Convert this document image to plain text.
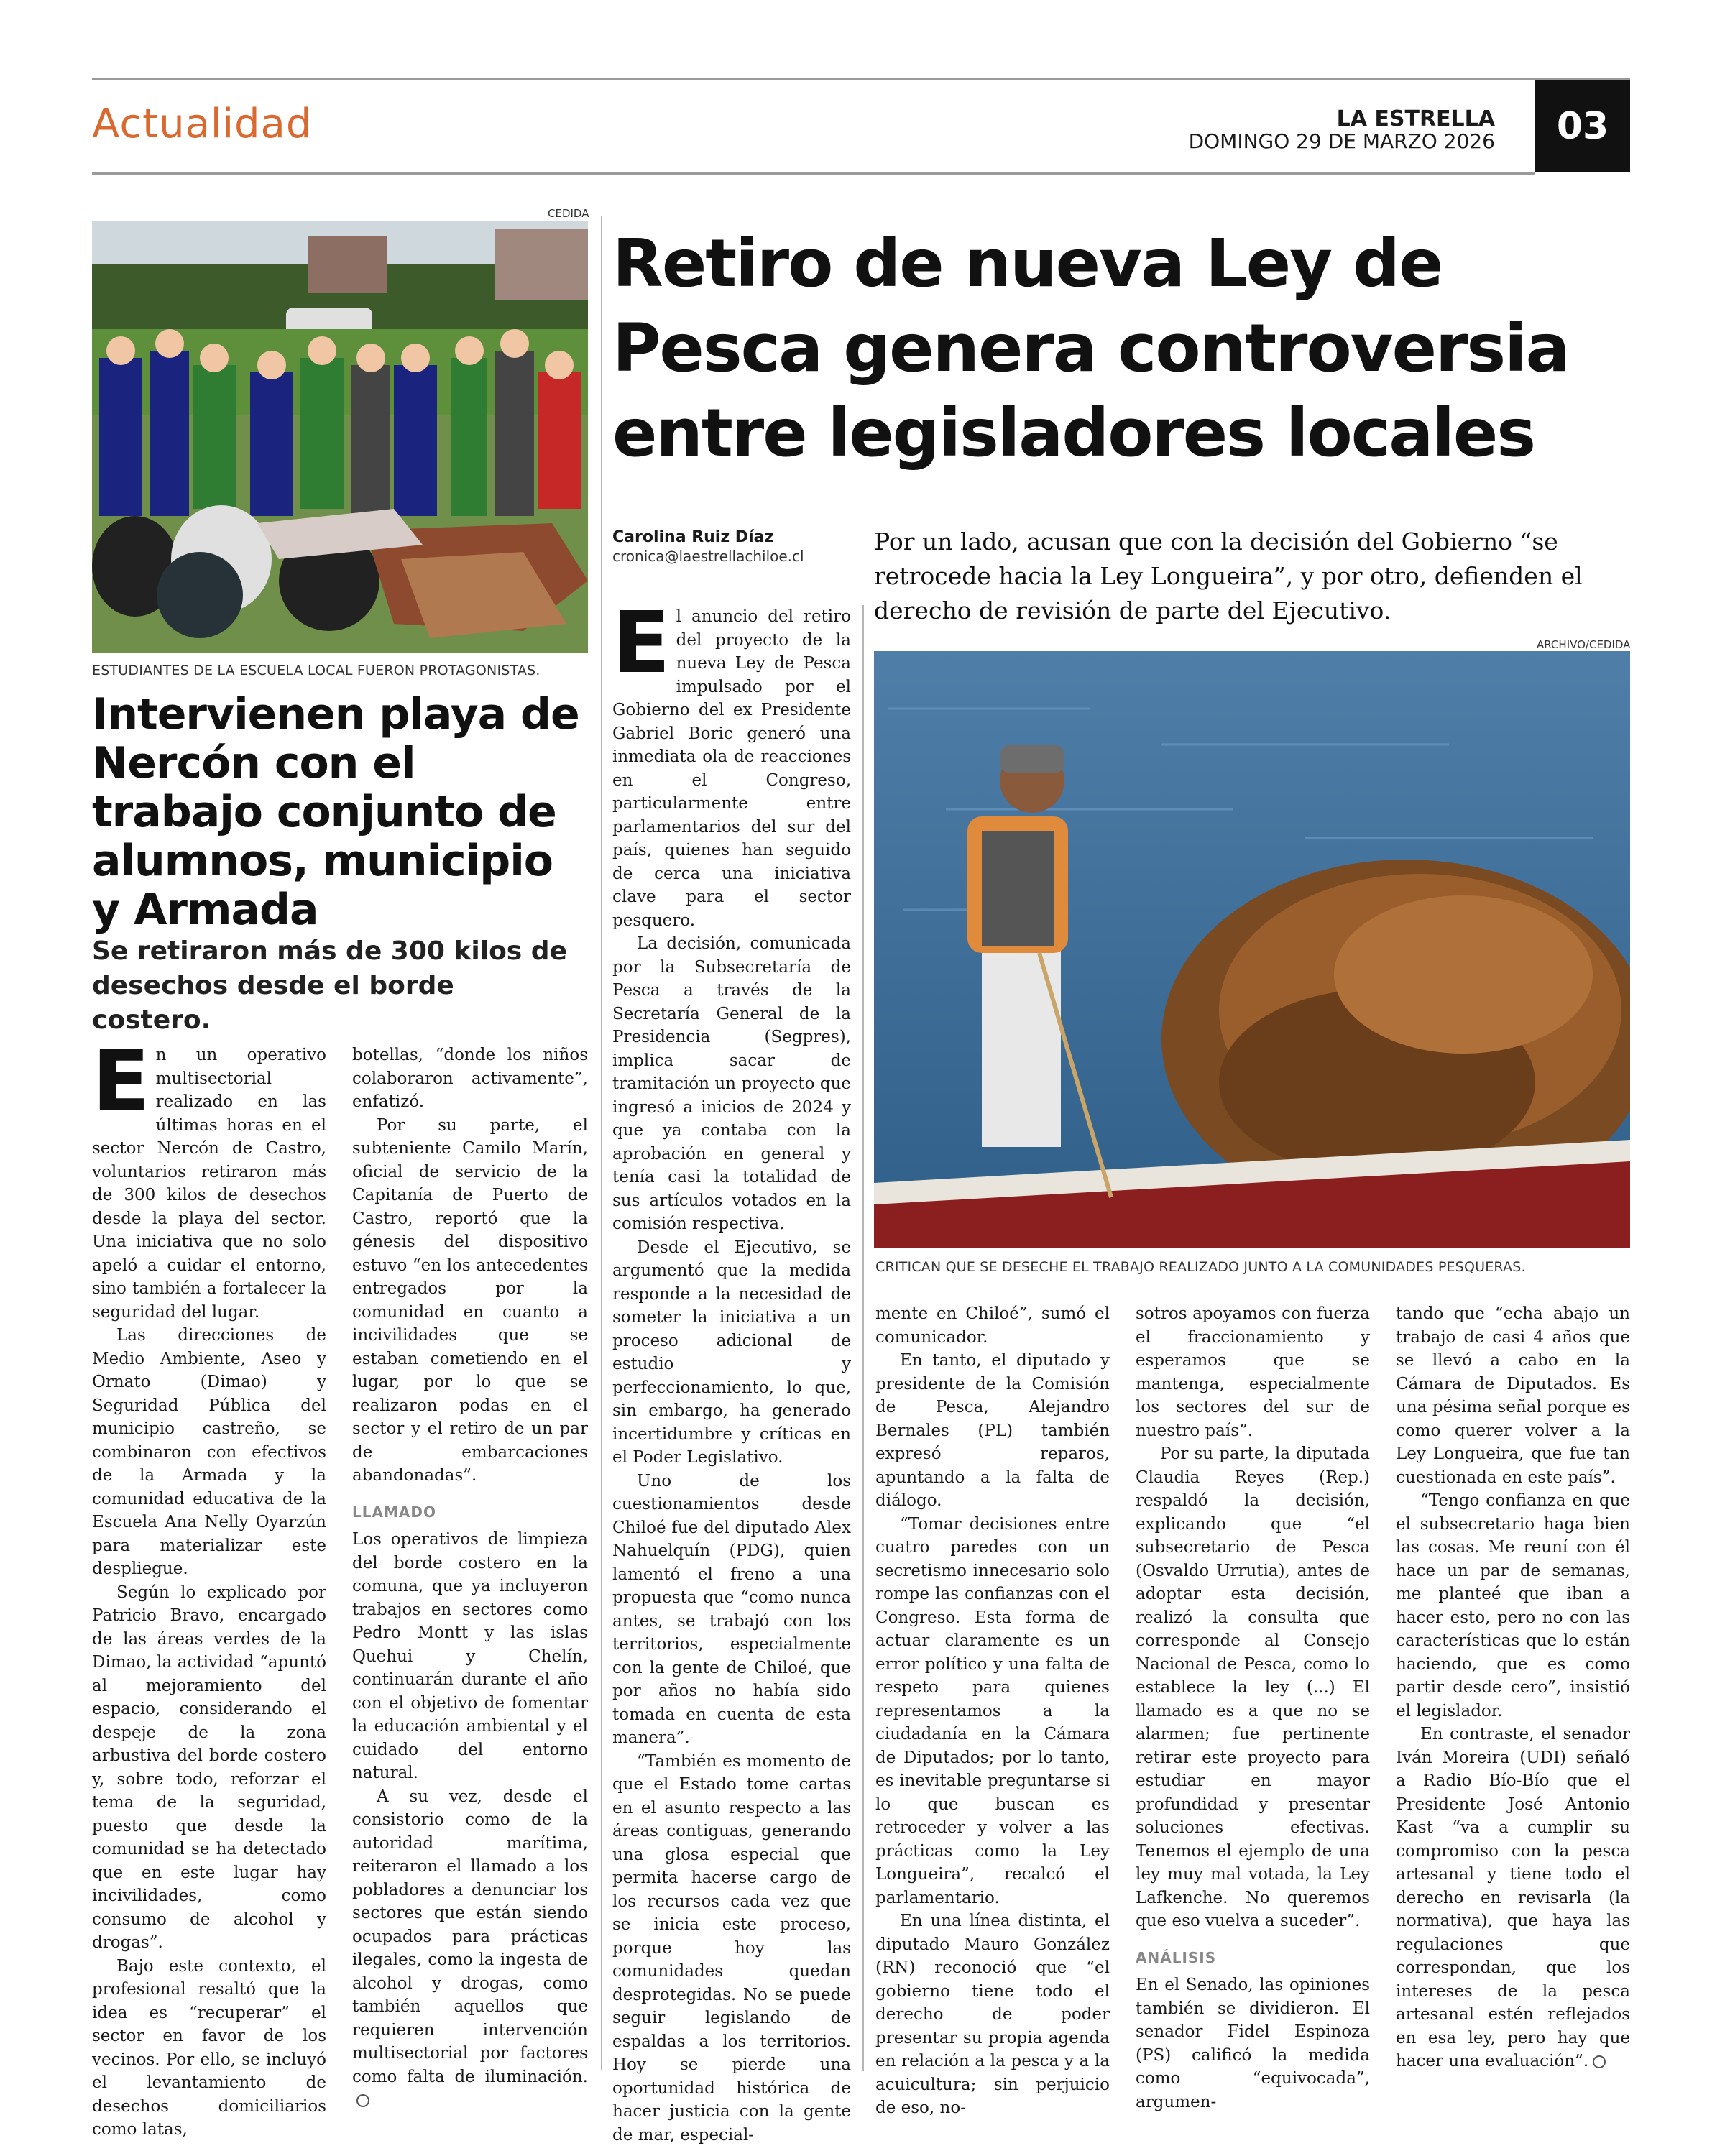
Actualidad	LA ESTRELLA
DOMINGO 29 DE MARZO 2026	03
CEDIDA
ESTUDIANTES DE LA ESCUELA LOCAL FUERON PROTAGONISTAS.
Intervienen playa de Nercón con el trabajo conjunto de alumnos, municipio y Armada
Se retiraron más de 300 kilos de desechos desde el borde costero.

En un operativo multisectorial realizado en las últimas horas en el sector Nercón de Castro, voluntarios retiraron más de 300 kilos de desechos desde la playa del sector. Una iniciativa que no solo apeló a cuidar el entorno, sino también a fortalecer la seguridad del lugar.

Las direcciones de Medio Ambiente, Aseo y Ornato (Dimao) y Seguridad Pública del municipio castreño, se combinaron con efectivos de la Armada y la comunidad educativa de la Escuela Ana Nelly Oyarzún para materializar este despliegue.

Según lo explicado por Patricio Bravo, encargado de las áreas verdes de la Dimao, la actividad “apuntó al mejoramiento del espacio, considerando el despeje de la zona arbustiva del borde costero y, sobre todo, reforzar el tema de la seguridad, puesto que desde la comunidad se ha detectado que en este lugar hay incivilidades, como consumo de alcohol y drogas”.

Bajo este contexto, el profesional resaltó que la idea es “recuperar” el sector en favor de los vecinos. Por ello, se incluyó el levantamiento de desechos domiciliarios como latas,

botellas, “donde los niños colaboraron activamente”, enfatizó.

Por su parte, el subteniente Camilo Marín, oficial de servicio de la Capitanía de Puerto de Castro, reportó que la génesis del dispositivo estuvo “en los antecedentes entregados por la comunidad en cuanto a incivilidades que se estaban cometiendo en el lugar, por lo que se realizaron podas en el sector y el retiro de un par de embarcaciones abandonadas”.

LLAMADO

Los operativos de limpieza del borde costero en la comuna, que ya incluyeron trabajos en sectores como Pedro Montt y las islas Quehui y Chelín, continuarán durante el año con el objetivo de fomentar la educación ambiental y el cuidado del entorno natural.

A su vez, desde el consistorio como de la autoridad marítima, reiteraron el llamado a los pobladores a denunciar los sectores que están siendo ocupados para prácticas ilegales, como la ingesta de alcohol y drogas, como también aquellos que requieren intervención multisectorial por factores como falta de iluminación.

Retiro de nueva Ley de Pesca genera controversia entre legisladores locales
Carolina Ruiz Díaz
cronica@laestrellachiloe.cl
Por un lado, acusan que con la decisión del Gobierno “se retrocede hacia la Ley Longueira”, y por otro, defienden el derecho de revisión de parte del Ejecutivo.
ARCHIVO/CEDIDA
CRITICAN QUE SE DESECHE EL TRABAJO REALIZADO JUNTO A LA COMUNIDADES PESQUERAS.

El anuncio del retiro del proyecto de la nueva Ley de Pesca impulsado por el Gobierno del ex Presidente Gabriel Boric generó una inmediata ola de reacciones en el Congreso, particularmente entre parlamentarios del sur del país, quienes han seguido de cerca una iniciativa clave para el sector pesquero.

La decisión, comunicada por la Subsecretaría de Pesca a través de la Secretaría General de la Presidencia (Segpres), implica sacar de tramitación un proyecto que ingresó a inicios de 2024 y que ya contaba con la aprobación en general y tenía casi la totalidad de sus artículos votados en la comisión respectiva.

Desde el Ejecutivo, se argumentó que la medida responde a la necesidad de someter la iniciativa a un proceso adicional de estudio y perfeccionamiento, lo que, sin embargo, ha generado incertidumbre y críticas en el Poder Legislativo.

Uno de los cuestionamientos desde Chiloé fue del diputado Alex Nahuelquín (PDG), quien lamentó el freno a una propuesta que “como nunca antes, se trabajó con los territorios, especialmente con la gente de Chiloé, que por años no había sido tomada en cuenta de esta manera”.

“También es momento de que el Estado tome cartas en el asunto respecto a las áreas contiguas, generando una glosa especial que permita hacerse cargo de los recursos cada vez que se inicia este proceso, porque hoy las comunidades quedan desprotegidas. No se puede seguir legislando de espaldas a los territorios. Hoy se pierde una oportunidad histórica de hacer justicia con la gente de mar, especial-

mente en Chiloé”, sumó el comunicador.

En tanto, el diputado y presidente de la Comisión de Pesca, Alejandro Bernales (PL) también expresó reparos, apuntando a la falta de diálogo.

“Tomar decisiones entre cuatro paredes con un secretismo innecesario solo rompe las confianzas con el Congreso. Esta forma de actuar claramente es un error político y una falta de respeto para quienes representamos a la ciudadanía en la Cámara de Diputados; por lo tanto, es inevitable preguntarse si lo que buscan es retroceder y volver a las prácticas como la Ley Longueira”, recalcó el parlamentario.

En una línea distinta, el diputado Mauro González (RN) reconoció que “el gobierno tiene todo el derecho de poder presentar su propia agenda en relación a la pesca y a la acuicultura; sin perjuicio de eso, no-

sotros apoyamos con fuerza el fraccionamiento y esperamos que se mantenga, especialmente los sectores del sur de nuestro país”.

Por su parte, la diputada Claudia Reyes (Rep.) respaldó la decisión, explicando que “el subsecretario de Pesca (Osvaldo Urrutia), antes de adoptar esta decisión, realizó la consulta que corresponde al Consejo Nacional de Pesca, como lo establece la ley (...) El llamado es a que no se alarmen; fue pertinente retirar este proyecto para estudiar en mayor profundidad y presentar soluciones efectivas. Tenemos el ejemplo de una ley muy mal votada, la Ley Lafkenche. No queremos que eso vuelva a suceder”.

ANÁLISIS

En el Senado, las opiniones también se dividieron. El senador Fidel Espinoza (PS) calificó la medida como “equivocada”, argumen-

tando que “echa abajo un trabajo de casi 4 años que se llevó a cabo en la Cámara de Diputados. Es una pésima señal porque es como querer volver a la Ley Longueira, que fue tan cuestionada en este país”.

“Tengo confianza en que el subsecretario haga bien las cosas. Me reuní con él hace un par de semanas, me planteé que iban a hacer esto, pero no con las características que lo están haciendo, que es como partir desde cero”, insistió el legislador.

En contraste, el senador Iván Moreira (UDI) señaló a Radio Bío-Bío que el Presidente José Antonio Kast “va a cumplir su compromiso con la pesca artesanal y tiene todo el derecho en revisarla (la normativa), que haya las regulaciones que correspondan, que los intereses de la pesca artesanal estén reflejados en esa ley, pero hay que hacer una evaluación”.
